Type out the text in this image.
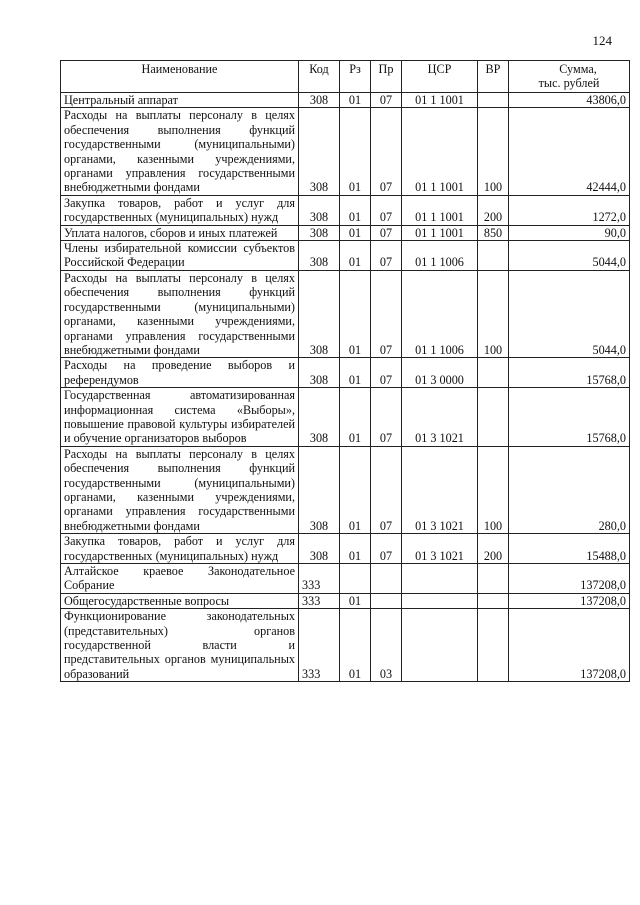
124
Наименование	Код	Рз	Пр	ЦСР	ВР	Сумма,
тыс. рублей

Центральный аппарат	308	01	07	01 1 1001		43806,0
Расходы на выплаты персоналу в целях обеспечения выполнения функций государственными (муниципальными) органами, казенными учреждениями, органами управления государственными внебюджетными фондами	308	01	07	01 1 1001	100	42444,0
Закупка товаров, работ и услуг для государственных (муниципальных) нужд	308	01	07	01 1 1001	200	1272,0
Уплата налогов, сборов и иных платежей	308	01	07	01 1 1001	850	90,0
Члены избирательной комиссии субъектов Российской Федерации	308	01	07	01 1 1006		5044,0
Расходы на выплаты персоналу в целях обеспечения выполнения функций государственными (муниципальными) органами, казенными учреждениями, органами управления государственными внебюджетными фондами	308	01	07	01 1 1006	100	5044,0
Расходы на проведение выборов и референдумов	308	01	07	01 3 0000		15768,0
Государственная автоматизированная информационная система «Выборы», повышение правовой культуры избирателей и обучение организаторов выборов	308	01	07	01 3 1021		15768,0
Расходы на выплаты персоналу в целях обеспечения выполнения функций государственными (муниципальными) органами, казенными учреждениями, органами управления государственными внебюджетными фондами	308	01	07	01 3 1021	100	280,0
Закупка товаров, работ и услуг для государственных (муниципальных) нужд	308	01	07	01 3 1021	200	15488,0
Алтайское краевое Законодательное Собрание	333					137208,0
Общегосударственные вопросы	333	01				137208,0
Функционирование законодательных (представительных) органов государственной власти и представительных органов муниципальных образований	333	01	03			137208,0
